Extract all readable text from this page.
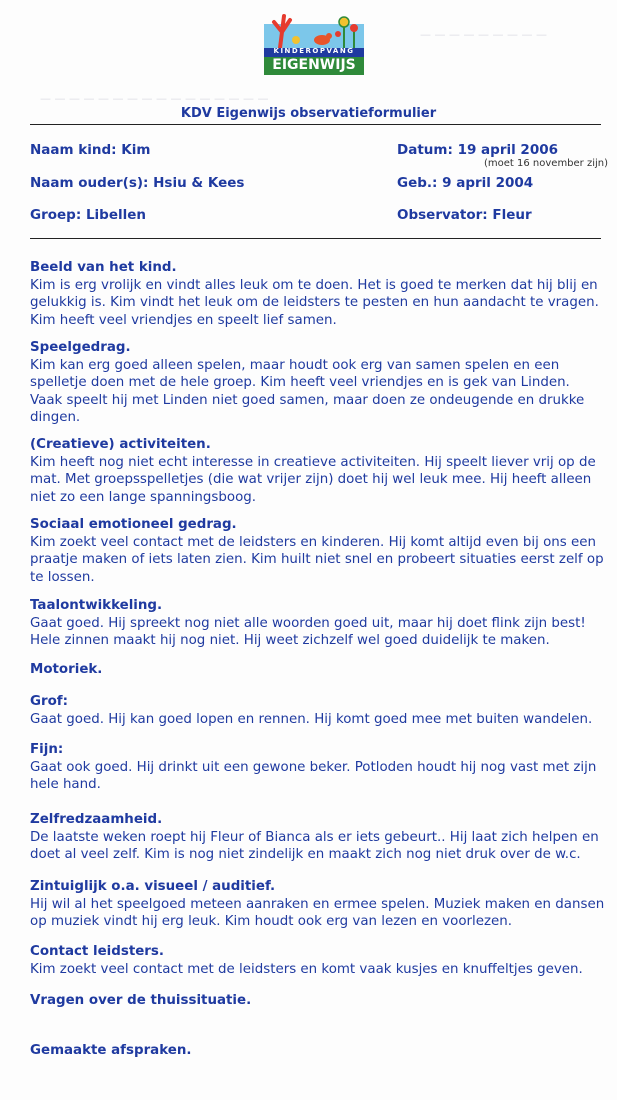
— — — — — — — — —
— — — — — — — — — — — — — — — —
KINDEROPVANG
EIGENWIJS
KDV Eigenwijs observatieformulier
Naam kind: Kim	Datum: 19 april 2006
(moet 16 november zijn)
Naam ouder(s): Hsiu & Kees	Geb.: 9 april 2004
Groep: Libellen	Observator: Fleur
Beeld van het kind.
Kim is erg vrolijk en vindt alles leuk om te doen. Het is goed te merken dat hij blij en gelukkig is. Kim vindt het leuk om de leidsters te pesten en hun aandacht te vragen. Kim heeft veel vriendjes en speelt lief samen.
Speelgedrag.
Kim kan erg goed alleen spelen, maar houdt ook erg van samen spelen en een spelletje doen met de hele groep. Kim heeft veel vriendjes en is gek van Linden. Vaak speelt hij met Linden niet goed samen, maar doen ze ondeugende en drukke dingen.
(Creatieve) activiteiten.
Kim heeft nog niet echt interesse in creatieve activiteiten. Hij speelt liever vrij op de mat. Met groepsspelletjes (die wat vrijer zijn) doet hij wel leuk mee. Hij heeft alleen niet zo een lange spanningsboog.
Sociaal emotioneel gedrag.
Kim zoekt veel contact met de leidsters en kinderen. Hij komt altijd even bij ons een praatje maken of iets laten zien. Kim huilt niet snel en probeert situaties eerst zelf op te lossen.
Taalontwikkeling.
Gaat goed. Hij spreekt nog niet alle woorden goed uit, maar hij doet flink zijn best! Hele zinnen maakt hij nog niet. Hij weet zichzelf wel goed duidelijk te maken.
Motoriek.
Grof:
Gaat goed. Hij kan goed lopen en rennen. Hij komt goed mee met buiten wandelen.
Fijn:
Gaat ook goed. Hij drinkt uit een gewone beker. Potloden houdt hij nog vast met zijn hele hand.
Zelfredzaamheid.
De laatste weken roept hij Fleur of Bianca als er iets gebeurt.. Hij laat zich helpen en doet al veel zelf. Kim is nog niet zindelijk en maakt zich nog niet druk over de w.c.
Zintuiglijk o.a. visueel / auditief.
Hij wil al het speelgoed meteen aanraken en ermee spelen. Muziek maken en dansen op muziek vindt hij erg leuk. Kim houdt ook erg van lezen en voorlezen.
Contact leidsters.
Kim zoekt veel contact met de leidsters en komt vaak kusjes en knuffeltjes geven.
Vragen over de thuissituatie.
Gemaakte afspraken.
